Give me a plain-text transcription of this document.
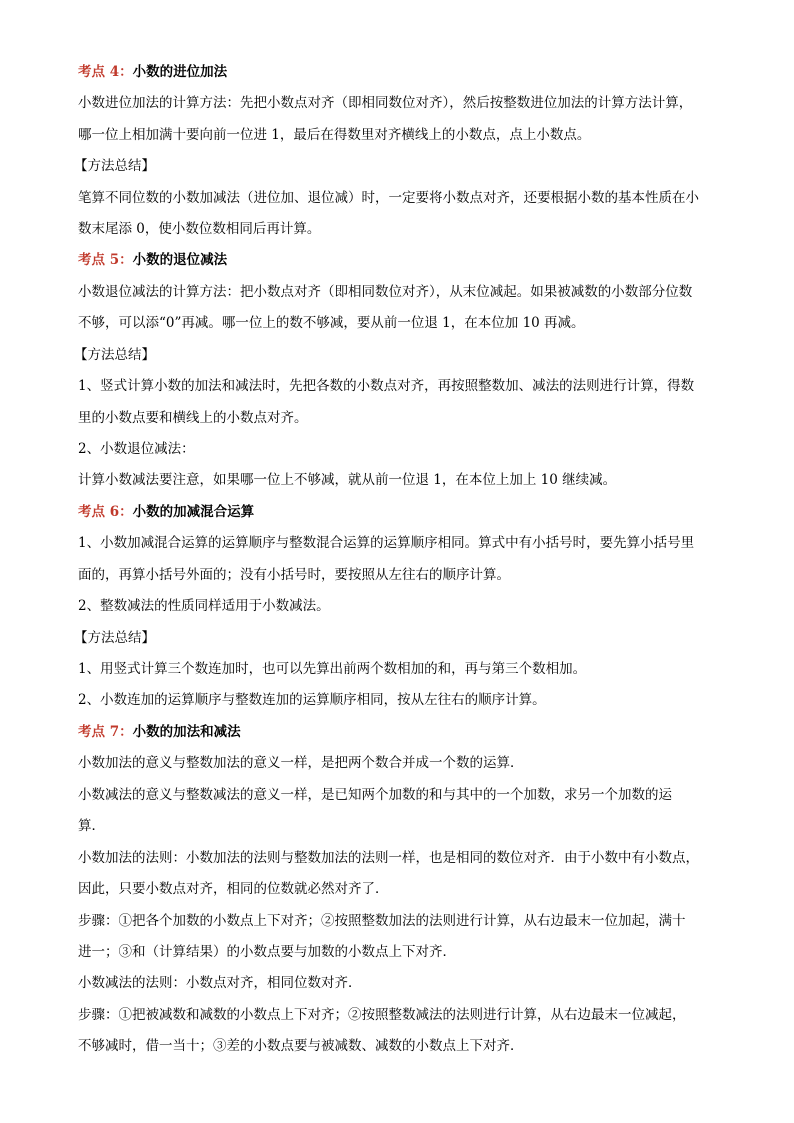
考点 4：小数的进位加法

小数进位加法的计算方法：先把小数点对齐（即相同数位对齐），然后按整数进位加法的计算方法计算，

哪一位上相加满十要向前一位进 1，最后在得数里对齐横线上的小数点，点上小数点。

【方法总结】

笔算不同位数的小数加减法（进位加、退位减）时，一定要将小数点对齐，还要根据小数的基本性质在小

数末尾添 0，使小数位数相同后再计算。

考点 5：小数的退位减法

小数退位减法的计算方法：把小数点对齐（即相同数位对齐），从末位减起。如果被减数的小数部分位数

不够，可以添“0”再减。哪一位上的数不够减，要从前一位退 1，在本位加 10 再减。

【方法总结】

1、竖式计算小数的加法和减法时，先把各数的小数点对齐，再按照整数加、减法的法则进行计算，得数

里的小数点要和横线上的小数点对齐。

2、小数退位减法：

计算小数减法要注意，如果哪一位上不够减，就从前一位退 1，在本位上加上 10 继续减。

考点 6：小数的加减混合运算

1、小数加减混合运算的运算顺序与整数混合运算的运算顺序相同。算式中有小括号时，要先算小括号里

面的，再算小括号外面的；没有小括号时，要按照从左往右的顺序计算。

2、整数减法的性质同样适用于小数减法。

【方法总结】

1、用竖式计算三个数连加时，也可以先算出前两个数相加的和，再与第三个数相加。

2、小数连加的运算顺序与整数连加的运算顺序相同，按从左往右的顺序计算。

考点 7：小数的加法和减法

小数加法的意义与整数加法的意义一样，是把两个数合并成一个数的运算．

小数减法的意义与整数减法的意义一样，是已知两个加数的和与其中的一个加数，求另一个加数的运

算．

小数加法的法则：小数加法的法则与整数加法的法则一样，也是相同的数位对齐．由于小数中有小数点，

因此，只要小数点对齐，相同的位数就必然对齐了．

步骤：①把各个加数的小数点上下对齐；②按照整数加法的法则进行计算，从右边最末一位加起，满十

进一；③和（计算结果）的小数点要与加数的小数点上下对齐．

小数减法的法则：小数点对齐，相同位数对齐．

步骤：①把被减数和减数的小数点上下对齐；②按照整数减法的法则进行计算，从右边最末一位减起，

不够减时，借一当十；③差的小数点要与被减数、减数的小数点上下对齐．
